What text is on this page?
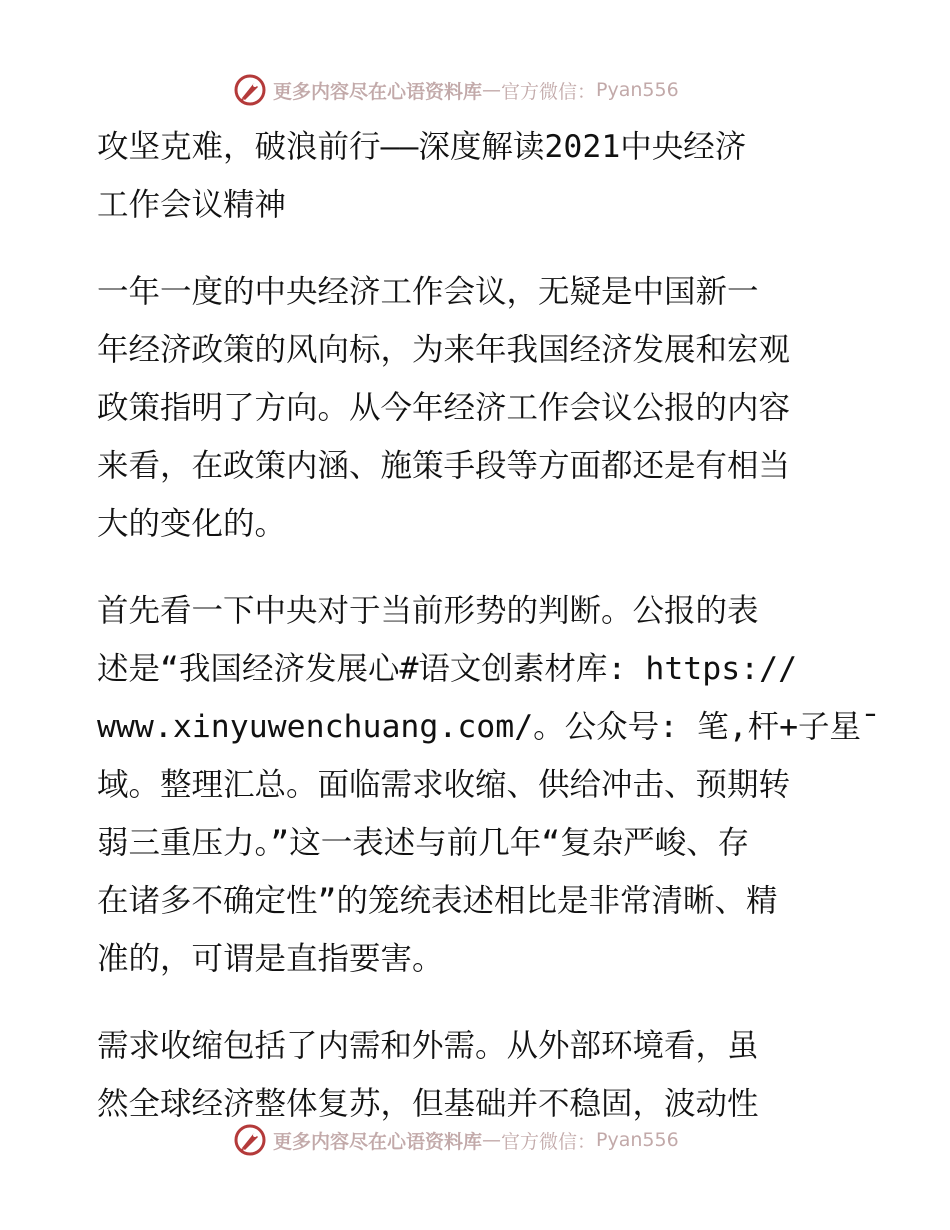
更多内容尽在心语资料库 — 官方微信： Pyan556
攻坚克难，破浪前行——深度解读2021中央经济
工作会议精神
一年一度的中央经济工作会议，无疑是中国新一
年经济政策的风向标，为来年我国经济发展和宏观
政策指明了方向。从今年经济工作会议公报的内容
来看，在政策内涵、施策手段等方面都还是有相当
大的变化的。
首先看一下中央对于当前形势的判断。公报的表
述是“我国经济发展心#语文创素材库: https://
www.xinyuwenchuang.com/。公众号: 笔,杆+子星¯
域。整理汇总。面临需求收缩、供给冲击、预期转
弱三重压力。”这一表述与前几年“复杂严峻、存
在诸多不确定性”的笼统表述相比是非常清晰、精
准的，可谓是直指要害。
需求收缩包括了内需和外需。从外部环境看，虽
然全球经济整体复苏，但基础并不稳固，波动性
更多内容尽在心语资料库 — 官方微信： Pyan556
